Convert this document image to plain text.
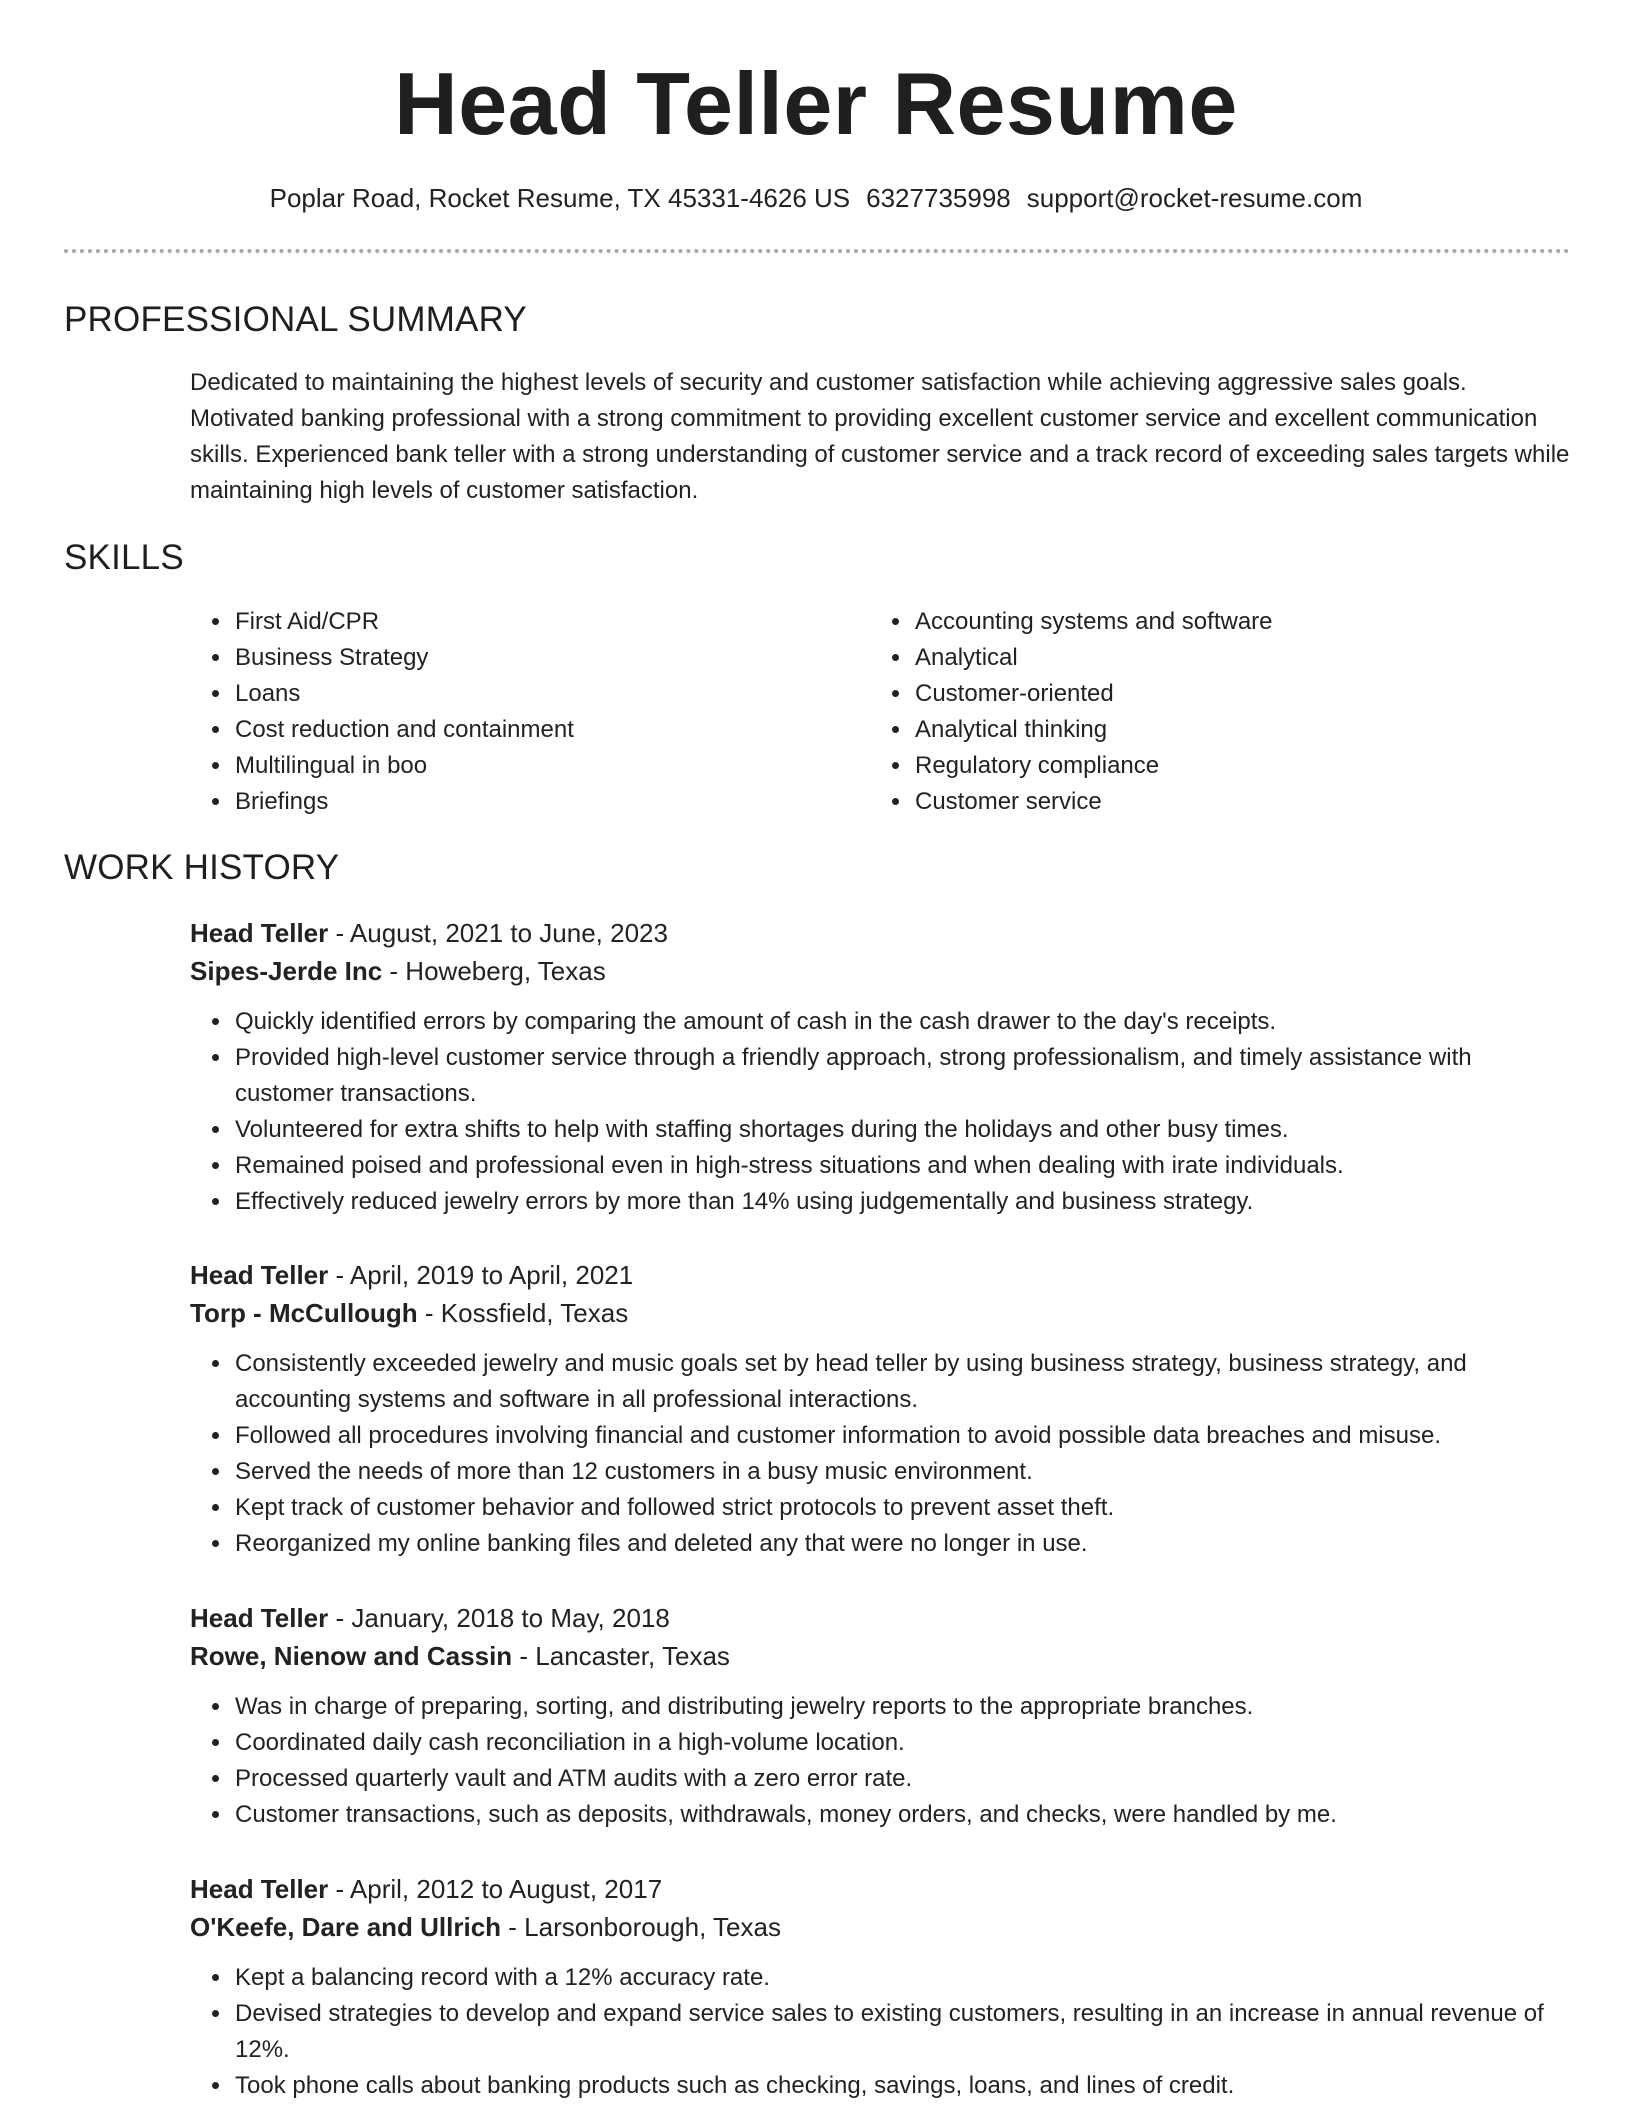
Head Teller Resume
Poplar Road, Rocket Resume, TX 45331-4626 US 6327735998 support@rocket-resume.com
PROFESSIONAL SUMMARY
Dedicated to maintaining the highest levels of security and customer satisfaction while achieving aggressive sales goals. Motivated banking professional with a strong commitment to providing excellent customer service and excellent communication skills. Experienced bank teller with a strong understanding of customer service and a track record of exceeding sales targets while maintaining high levels of customer satisfaction.
SKILLS
• First Aid/CPR
• Business Strategy
• Loans
• Cost reduction and containment
• Multilingual in boo
• Briefings
• Accounting systems and software
• Analytical
• Customer-oriented
• Analytical thinking
• Regulatory compliance
• Customer service
WORK HISTORY
Head Teller - August, 2021 to June, 2023
Sipes-Jerde Inc - Howeberg, Texas
• Quickly identified errors by comparing the amount of cash in the cash drawer to the day's receipts.
• Provided high-level customer service through a friendly approach, strong professionalism, and timely assistance with customer transactions.
• Volunteered for extra shifts to help with staffing shortages during the holidays and other busy times.
• Remained poised and professional even in high-stress situations and when dealing with irate individuals.
• Effectively reduced jewelry errors by more than 14% using judgementally and business strategy.
Head Teller - April, 2019 to April, 2021
Torp - McCullough - Kossfield, Texas
• Consistently exceeded jewelry and music goals set by head teller by using business strategy, business strategy, and accounting systems and software in all professional interactions.
• Followed all procedures involving financial and customer information to avoid possible data breaches and misuse.
• Served the needs of more than 12 customers in a busy music environment.
• Kept track of customer behavior and followed strict protocols to prevent asset theft.
• Reorganized my online banking files and deleted any that were no longer in use.
Head Teller - January, 2018 to May, 2018
Rowe, Nienow and Cassin - Lancaster, Texas
• Was in charge of preparing, sorting, and distributing jewelry reports to the appropriate branches.
• Coordinated daily cash reconciliation in a high-volume location.
• Processed quarterly vault and ATM audits with a zero error rate.
• Customer transactions, such as deposits, withdrawals, money orders, and checks, were handled by me.
Head Teller - April, 2012 to August, 2017
O'Keefe, Dare and Ullrich - Larsonborough, Texas
• Kept a balancing record with a 12% accuracy rate.
• Devised strategies to develop and expand service sales to existing customers, resulting in an increase in annual revenue of 12%.
• Took phone calls about banking products such as checking, savings, loans, and lines of credit.
